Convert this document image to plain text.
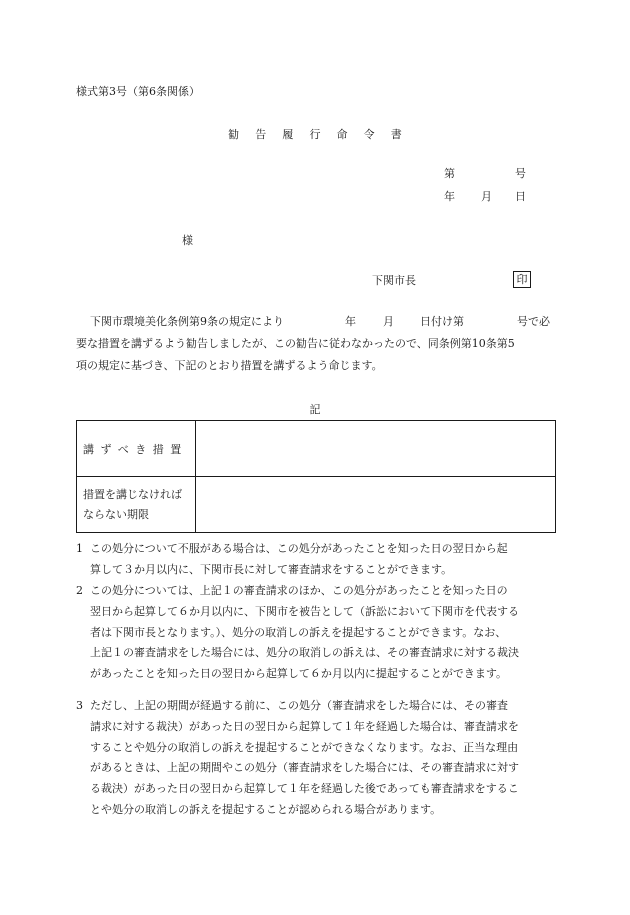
様式第3号（第6条関係）
勧 告 履 行 命 令 書
第	号
年 月 日
様
下関市長	印
下関市環境美化条例第9条の規定により	年 月 日付け第	号で必
要な措置を講ずるよう勧告しましたが、この勧告に従わなかったので、同条例第10条第5
項の規定に基づき、下記のとおり措置を講ずるよう命じます。
記
講ずべき措置	

措置を講じなければ
ならない期限	

1 この処分について不服がある場合は、この処分があったことを知った日の翌日から起
算して３か月以内に、下関市長に対して審査請求をすることができます。
2 この処分については、上記１の審査請求のほか、この処分があったことを知った日の
翌日から起算して６か月以内に、下関市を被告として（訴訟において下関市を代表する
者は下関市長となります。）、処分の取消しの訴えを提起することができます。なお、
上記１の審査請求をした場合には、処分の取消しの訴えは、その審査請求に対する裁決
があったことを知った日の翌日から起算して６か月以内に提起することができます。
3 ただし、上記の期間が経過する前に、この処分（審査請求をした場合には、その審査
請求に対する裁決）があった日の翌日から起算して１年を経過した場合は、審査請求を
することや処分の取消しの訴えを提起することができなくなります。なお、正当な理由
があるときは、上記の期間やこの処分（審査請求をした場合には、その審査請求に対す
る裁決）があった日の翌日から起算して１年を経過した後であっても審査請求をするこ
とや処分の取消しの訴えを提起することが認められる場合があります。
